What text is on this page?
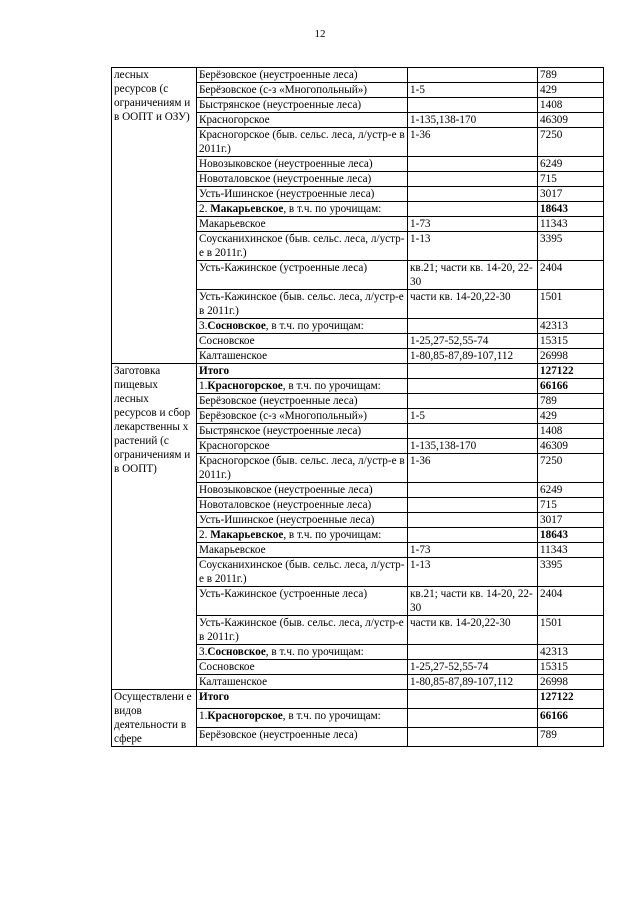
12
лесных ресурсов (с ограничениям и в ООПТ и ОЗУ)	Берёзовское (неустроенные леса)		789
	Берёзовское (с-з «Многопольный»)	1-5	429
	Быстрянское (неустроенные леса)		1408
	Красногорское	1-135,138-170	46309
	Красногорское (быв. сельс. леса, л/устр-е в 2011г.)	1-36	7250
	Новозыковское (неустроенные леса)		6249
	Новоталовское (неустроенные леса)		715
	Усть-Ишинское (неустроенные леса)		3017
	2. Макарьевское, в т.ч. по урочищам:		18643
	Макарьевское	1-73	11343
	Соусканихинское (быв. сельс. леса, л/устр-е в 2011г.)	1-13	3395
	Усть-Кажинское (устроенные леса)	кв.21; части кв. 14-20, 22-30	2404
	Усть-Кажинское (быв. сельс. леса, л/устр-е в 2011г.)	части кв. 14-20,22-30	1501
	3.Сосновское, в т.ч. по урочищам:		42313
	Сосновское	1-25,27-52,55-74	15315
	Калташенское	1-80,85-87,89-107,112	26998
Заготовка пищевых лесных ресурсов и сбор лекарственны х растений (с ограничениям и в ООПТ)	Итого		127122
	1.Красногорское, в т.ч. по урочищам:		66166
	Берёзовское (неустроенные леса)		789
	Берёзовское (с-з «Многопольный»)	1-5	429
	Быстрянское (неустроенные леса)		1408
	Красногорское	1-135,138-170	46309
	Красногорское (быв. сельс. леса, л/устр-е в 2011г.)	1-36	7250
	Новозыковское (неустроенные леса)		6249
	Новоталовское (неустроенные леса)		715
	Усть-Ишинское (неустроенные леса)		3017
	2. Макарьевское, в т.ч. по урочищам:		18643
	Макарьевское	1-73	11343
	Соусканихинское (быв. сельс. леса, л/устр-е в 2011г.)	1-13	3395
	Усть-Кажинское (устроенные леса)	кв.21; части кв. 14-20, 22-30	2404
	Усть-Кажинское (быв. сельс. леса, л/устр-е в 2011г.)	части кв. 14-20,22-30	1501
	3.Сосновское, в т.ч. по урочищам:		42313
	Сосновское	1-25,27-52,55-74	15315
	Калташенское	1-80,85-87,89-107,112	26998
Осуществлени е видов деятельности в сфере	Итого		127122
	1.Красногорское, в т.ч. по урочищам:		66166
	Берёзовское (неустроенные леса)		789
